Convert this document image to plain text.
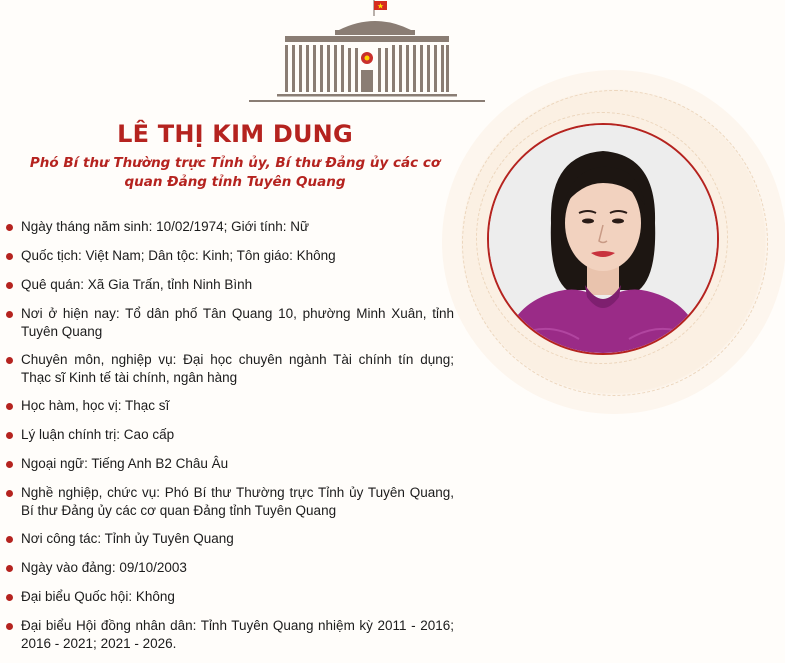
LÊ THỊ KIM DUNG
Phó Bí thư Thường trực Tỉnh ủy, Bí thư Đảng ủy các cơ quan Đảng tỉnh Tuyên Quang
Ngày tháng năm sinh: 10/02/1974; Giới tính: Nữ
Quốc tịch: Việt Nam; Dân tộc: Kinh; Tôn giáo: Không
Quê quán: Xã Gia Trấn, tỉnh Ninh Bình
Nơi ở hiện nay: Tổ dân phố Tân Quang 10, phường Minh Xuân, tỉnh Tuyên Quang
Chuyên môn, nghiệp vụ: Đại học chuyên ngành Tài chính tín dụng; Thạc sĩ Kinh tế tài chính, ngân hàng
Học hàm, học vị: Thạc sĩ
Lý luận chính trị: Cao cấp
Ngoại ngữ: Tiếng Anh B2 Châu Âu
Nghề nghiệp, chức vụ: Phó Bí thư Thường trực Tỉnh ủy Tuyên Quang, Bí thư Đảng ủy các cơ quan Đảng tỉnh Tuyên Quang
Nơi công tác: Tỉnh ủy Tuyên Quang
Ngày vào đảng: 09/10/2003
Đại biểu Quốc hội: Không
Đại biểu Hội đồng nhân dân: Tỉnh Tuyên Quang nhiệm kỳ 2011 - 2016; 2016 - 2021; 2021 - 2026.
